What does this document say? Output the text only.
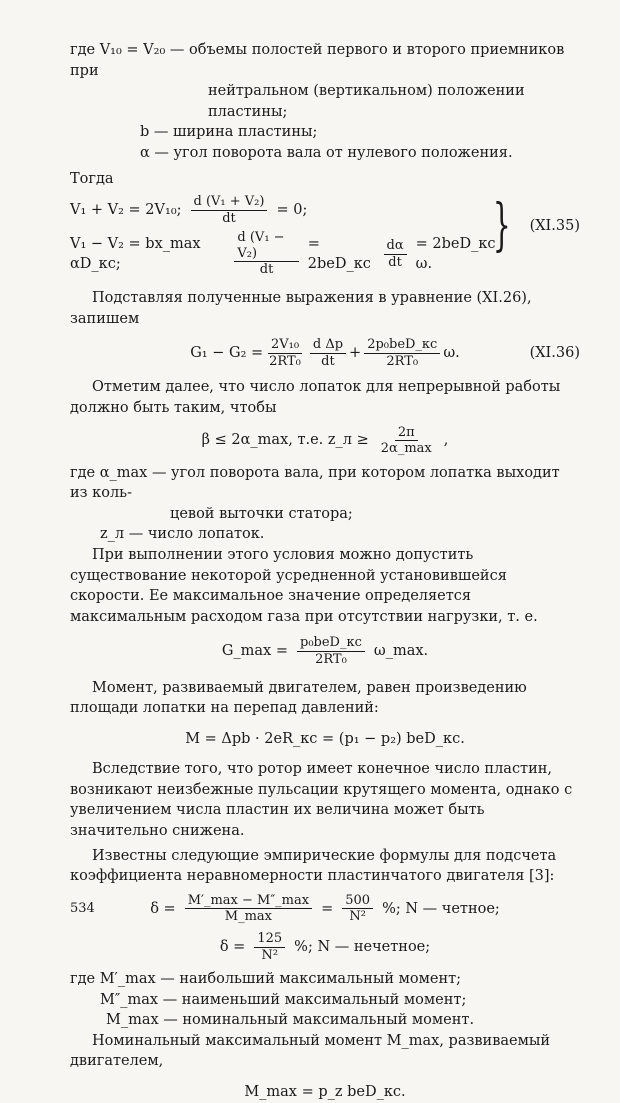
где V₁₀ = V₂₀ — объемы полостей первого и второго приемников при

нейтральном (вертикальном) положении пластины;

b — ширина пластины;

α — угол поворота вала от нулевого положения.

Тогда

V₁ + V₂ = 2V₁₀; $\frac{\text{d (V₁ + V₂)}}{dt} = 0$;
V₁ − V₂ = bx_max αD_кс;	$\frac{\text{d (V₁ − V₂)}}{dt}$ = 2beD_кс $\frac{d\alpha}{dt}$ = 2beD_кс ω.
} (XI.35)

Подставляя полученные выражения в уравнение (XI.26), запишем

$G_1 - G_2 = \frac{\text{2V₁₀}}{\text{2RT₀}} \frac{\text{d Δp}}{dt} + \frac{\text{2p₀beD\_кс}}{\text{2RT₀}} \omega$.	(XI.36)

Отметим далее, что число лопаток для непрерывной работы должно быть таким, чтобы

β ≤ 2α_max, т.е. z_л ≥ $\frac{2\pi}{2\alpha\_\max}$ ,

где α_max — угол поворота вала, при котором лопатка выходит из коль-

цевой выточки статора;

z_л — число лопаток.

При выполнении этого условия можно допустить существование некоторой усредненной установившейся скорости. Ее максимальное значение определяется максимальным расходом газа при отсутствии нагрузки, т. е.

G_max = $\frac{\text{p₀beD\_кс}}{\text{2RT₀}}$ ω_max.

Момент, развиваемый двигателем, равен произведению площади лопатки на перепад давлений:

M = Δpb · 2eR_кс = (p₁ − p₂) beD_кс.

Вследствие того, что ротор имеет конечное число пластин, возникают неизбежные пульсации крутящего момента, однако с увеличением числа пластин их величина может быть значительно снижена.

Известны следующие эмпирические формулы для подсчета коэффициента неравномерности пластинчатого двигателя [3]:

$\delta = \frac{M'\_\max - M''\_\max}{M\_\max} = \frac{500}{\text{N²}}$ %; N — четное;
$\delta = \frac{125}{\text{N²}}$ %; N — нечетное;

где M′_max — наибольший максимальный момент;

M″_max — наименьший максимальный момент;

M_max — номинальный максимальный момент.

Номинальный максимальный момент M_max, развиваемый двигателем,

M_max = p_z beD_кс.

534
